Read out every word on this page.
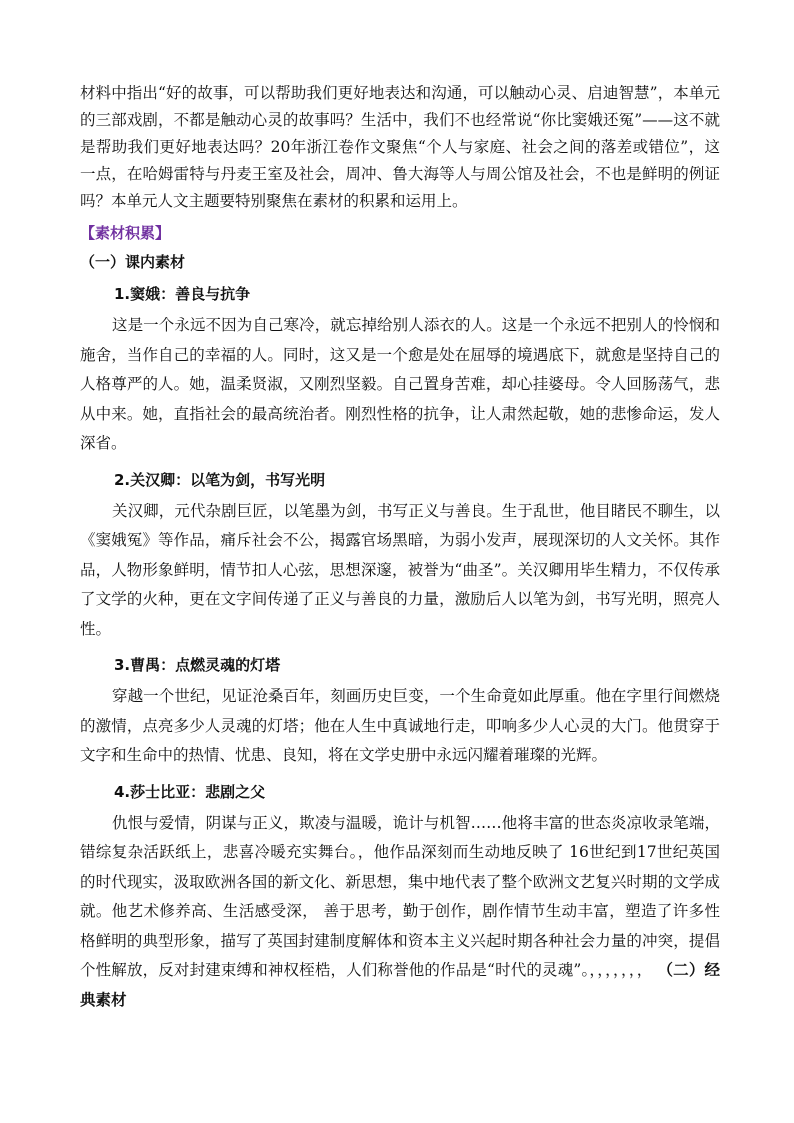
材料中指出“好的故事，可以帮助我们更好地表达和沟通，可以触动心灵、启迪智慧”，本单元的三部戏剧，不都是触动心灵的故事吗？生活中，我们不也经常说“你比窦娥还冤”——这不就是帮助我们更好地表达吗？20年浙江卷作文聚焦“个人与家庭、社会之间的落差或错位”，这一点，在哈姆雷特与丹麦王室及社会，周冲、鲁大海等人与周公馆及社会，不也是鲜明的例证吗？本单元人文主题要特别聚焦在素材的积累和运用上。

【素材积累】

（一）课内素材

1.窦娥：善良与抗争

这是一个永远不因为自己寒冷，就忘掉给别人添衣的人。这是一个永远不把别人的怜悯和施舍，当作自己的幸福的人。同时，这又是一个愈是处在屈辱的境遇底下，就愈是坚持自己的人格尊严的人。她，温柔贤淑，又刚烈坚毅。自己置身苦难，却心挂婆母。令人回肠荡气，悲从中来。她，直指社会的最高统治者。刚烈性格的抗争，让人肃然起敬，她的悲惨命运，发人深省。

2.关汉卿：以笔为剑，书写光明

关汉卿，元代杂剧巨匠，以笔墨为剑，书写正义与善良。生于乱世，他目睹民不聊生，以《窦娥冤》等作品，痛斥社会不公，揭露官场黑暗，为弱小发声，展现深切的人文关怀。其作品，人物形象鲜明，情节扣人心弦，思想深邃，被誉为“曲圣”。关汉卿用毕生精力，不仅传承了文学的火种，更在文字间传递了正义与善良的力量，激励后人以笔为剑，书写光明，照亮人性。

3.曹禺：点燃灵魂的灯塔

穿越一个世纪，见证沧桑百年，刻画历史巨变，一个生命竟如此厚重。他在字里行间燃烧的激情，点亮多少人灵魂的灯塔；他在人生中真诚地行走，叩响多少人心灵的大门。他贯穿于文字和生命中的热情、忧患、良知，将在文学史册中永远闪耀着璀璨的光辉。

4.莎士比亚：悲剧之父

仇恨与爱情，阴谋与正义，欺凌与温暖，诡计与机智……他将丰富的世态炎凉收录笔端，错综复杂活跃纸上，悲喜冷暖充实舞台。，他作品深刻而生动地反映了 16世纪到17世纪英国的时代现实，汲取欧洲各国的新文化、新思想，集中地代表了整个欧洲文艺复兴时期的文学成就。他艺术修养高、生活感受深， 善于思考，勤于创作，剧作情节生动丰富，塑造了许多性格鲜明的典型形象，描写了英国封建制度解体和资本主义兴起时期各种社会力量的冲突，提倡个性解放，反对封建束缚和神权桎梏，人们称誉他的作品是“时代的灵魂”。，，，，，，， （二）经典素材
